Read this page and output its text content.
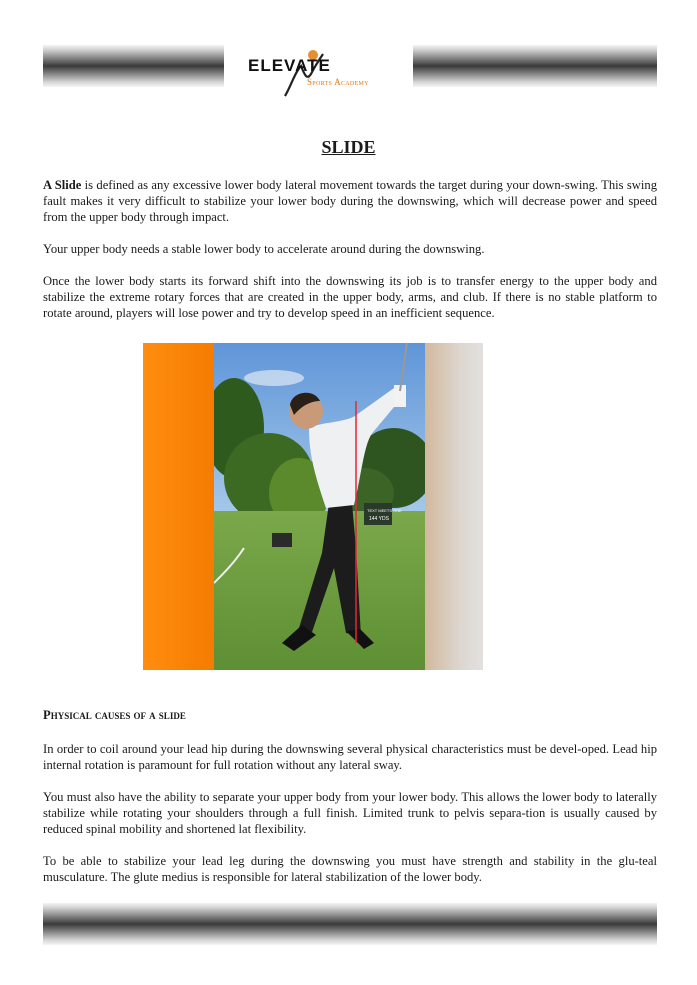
ELEVATE
Sports Academy
SLIDE
A Slide is defined as any excessive lower body lateral movement towards the target during your down-swing. This swing fault makes it very difficult to stabilize your lower body during the downswing, which will decrease power and speed from the upper body through impact.
Your upper body needs a stable lower body to accelerate around during the downswing.
Once the lower body starts its forward shift into the downswing its job is to transfer energy to the upper body and stabilize the extreme rotary forces that are created in the upper body, arms, and club. If there is no stable platform to rotate around, players will lose power and try to develop speed in an inefficient sequence.
TEXT MEETS ONE
144 YDS
Physical causes of a slide
In order to coil around your lead hip during the downswing several physical characteristics must be devel-oped. Lead hip internal rotation is paramount for full rotation without any lateral sway.
You must also have the ability to separate your upper body from your lower body. This allows the lower body to laterally stabilize while rotating your shoulders through a full finish. Limited trunk to pelvis separa-tion is usually caused by reduced spinal mobility and shortened lat flexibility.
To be able to stabilize your lead leg during the downswing you must have strength and stability in the glu-teal musculature. The glute medius is responsible for lateral stabilization of the lower body.
